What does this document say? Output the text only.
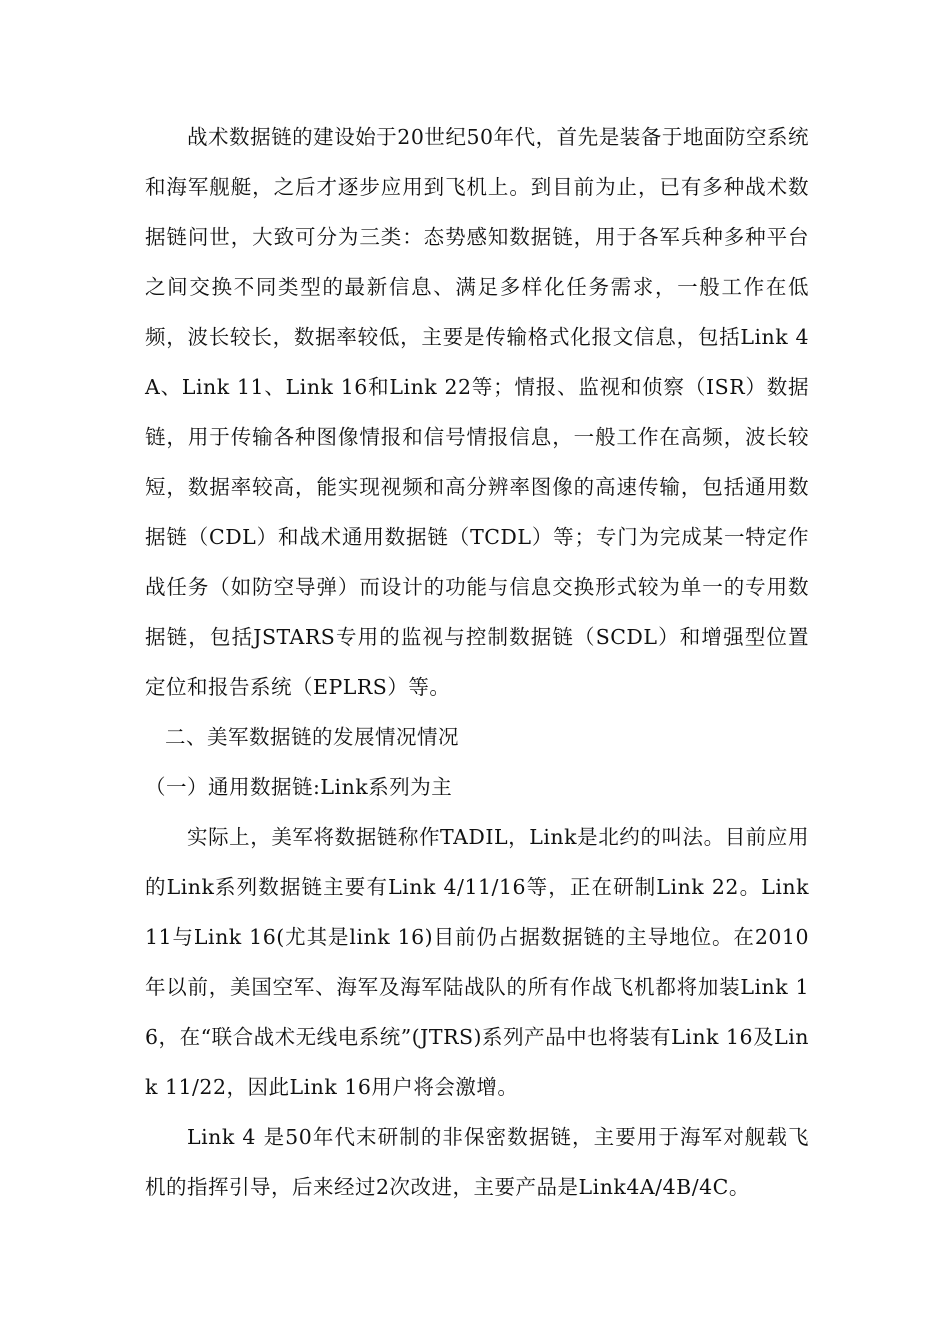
战术数据链的建设始于20世纪50年代，首先是装备于地面防空系统和海军舰艇，之后才逐步应用到飞机上。到目前为止，已有多种战术数据链问世，大致可分为三类：态势感知数据链，用于各军兵种多种平台之间交换不同类型的最新信息、满足多样化任务需求，一般工作在低频，波长较长，数据率较低，主要是传输格式化报文信息，包括Link 4A、Link 11、Link 16和Link 22等；情报、监视和侦察（ISR）数据链，用于传输各种图像情报和信号情报信息，一般工作在高频，波长较短，数据率较高，能实现视频和高分辨率图像的高速传输，包括通用数据链（CDL）和战术通用数据链（TCDL）等；专门为完成某一特定作战任务（如防空导弹）而设计的功能与信息交换形式较为单一的专用数据链，包括JSTARS专用的监视与控制数据链（SCDL）和增强型位置定位和报告系统（EPLRS）等。

二、美军数据链的发展情况情况

（一）通用数据链:Link系列为主

实际上，美军将数据链称作TADIL，Link是北约的叫法。目前应用的Link系列数据链主要有Link 4/11/16等，正在研制Link 22。Link 11与Link 16(尤其是link 16)目前仍占据数据链的主导地位。在2010年以前，美国空军、海军及海军陆战队的所有作战飞机都将加装Link 16，在“联合战术无线电系统”(JTRS)系列产品中也将装有Link 16及Link 11/22，因此Link 16用户将会激增。

Link 4 是50年代末研制的非保密数据链，主要用于海军对舰载飞机的指挥引导，后来经过2次改进，主要产品是Link4A/4B/4C。
